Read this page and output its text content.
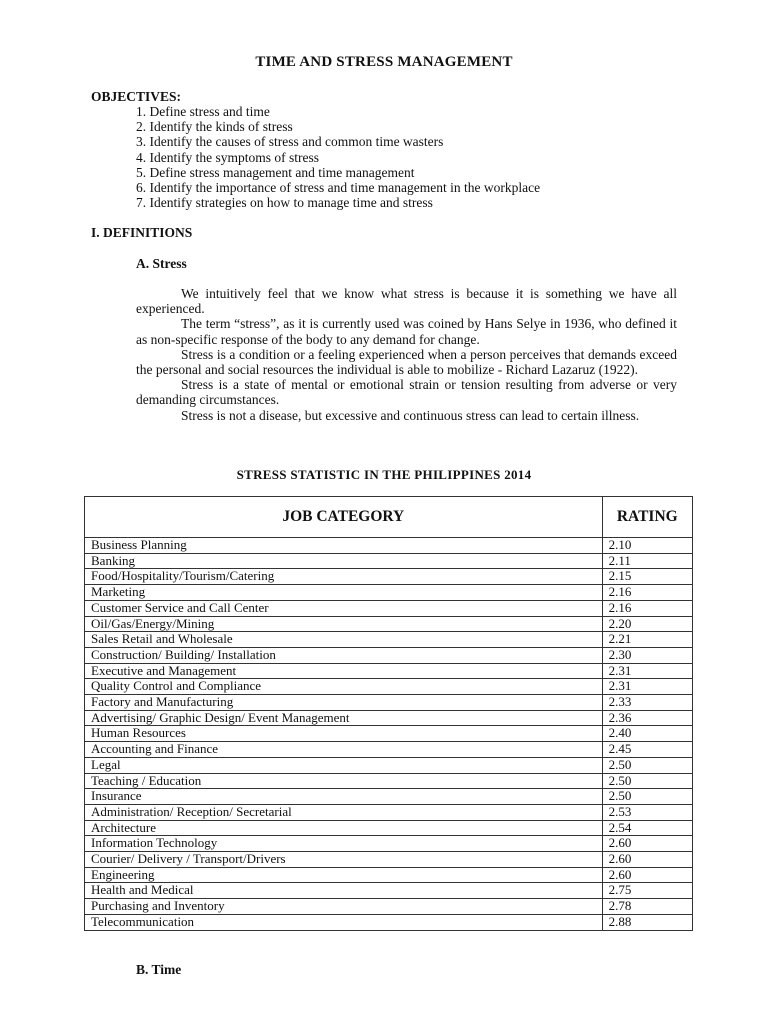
TIME AND STRESS MANAGEMENT
OBJECTIVES:
1. Define stress and time
2. Identify the kinds of stress
3. Identify the causes of stress and common time wasters
4. Identify the symptoms of stress
5. Define stress management and time management
6. Identify the importance of stress and time management in the workplace
7. Identify strategies on how to manage time and stress
I. DEFINITIONS
A. Stress

We intuitively feel that we know what stress is because it is something we have all experienced.

The term “stress”, as it is currently used was coined by Hans Selye in 1936, who defined it as non-specific response of the body to any demand for change.

Stress is a condition or a feeling experienced when a person perceives that demands exceed the personal and social resources the individual is able to mobilize - Richard Lazaruz (1922).

Stress is a state of mental or emotional strain or tension resulting from adverse or very demanding circumstances.

Stress is not a disease, but excessive and continuous stress can lead to certain illness.

STRESS STATISTIC IN THE PHILIPPINES 2014
JOB CATEGORY	RATING
Business Planning	2.10
Banking	2.11
Food/Hospitality/Tourism/Catering	2.15
Marketing	2.16
Customer Service and Call Center	2.16
Oil/Gas/Energy/Mining	2.20
Sales Retail and Wholesale	2.21
Construction/ Building/ Installation	2.30
Executive and Management	2.31
Quality Control and Compliance	2.31
Factory and Manufacturing	2.33
Advertising/ Graphic Design/ Event Management	2.36
Human Resources	2.40
Accounting and Finance	2.45
Legal	2.50
Teaching / Education	2.50
Insurance	2.50
Administration/ Reception/ Secretarial	2.53
Architecture	2.54
Information Technology	2.60
Courier/ Delivery / Transport/Drivers	2.60
Engineering	2.60
Health and Medical	2.75
Purchasing and Inventory	2.78
Telecommunication	2.88
B. Time
